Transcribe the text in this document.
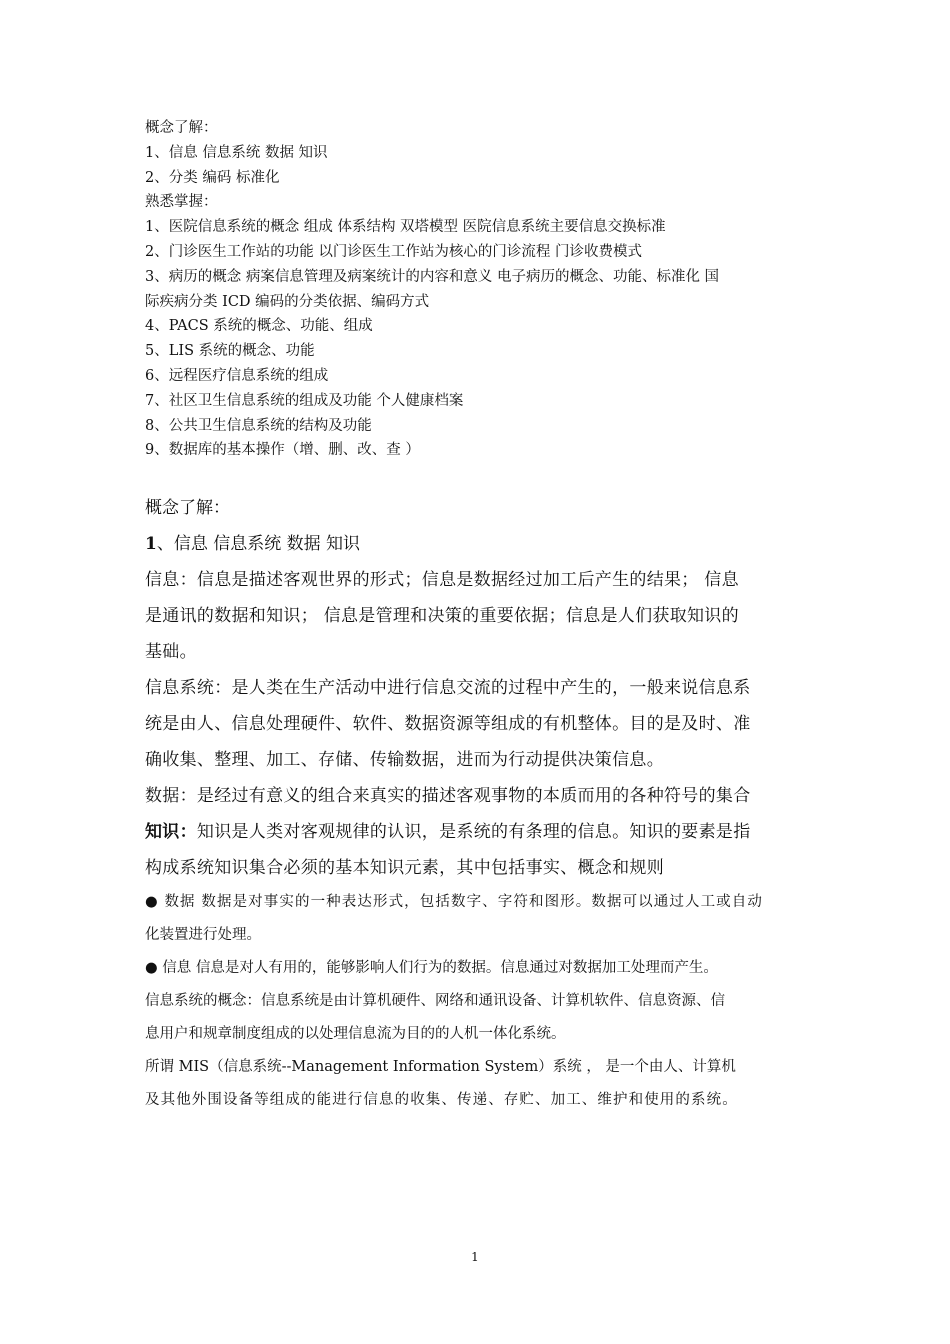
概念了解：
1、信息 信息系统 数据 知识
2、分类 编码 标准化
熟悉掌握：
1、医院信息系统的概念 组成 体系结构 双塔模型 医院信息系统主要信息交换标准
2、门诊医生工作站的功能 以门诊医生工作站为核心的门诊流程 门诊收费模式
3、病历的概念 病案信息管理及病案统计的内容和意义 电子病历的概念、功能、标准化 国
际疾病分类 ICD 编码的分类依据、编码方式
4、PACS 系统的概念、功能、组成
5、LIS 系统的概念、功能
6、远程医疗信息系统的组成
7、社区卫生信息系统的组成及功能 个人健康档案
8、公共卫生信息系统的结构及功能
9、数据库的基本操作（增、删、改、查 ）
概念了解：
1、信息 信息系统 数据 知识
信息：信息是描述客观世界的形式；信息是数据经过加工后产生的结果； 信息
是通讯的数据和知识； 信息是管理和决策的重要依据；信息是人们获取知识的
基础。
信息系统：是人类在生产活动中进行信息交流的过程中产生的，一般来说信息系
统是由人、信息处理硬件、软件、数据资源等组成的有机整体。目的是及时、准
确收集、整理、加工、存储、传输数据，进而为行动提供决策信息。
数据：是经过有意义的组合来真实的描述客观事物的本质而用的各种符号的集合
知识：知识是人类对客观规律的认识，是系统的有条理的信息。知识的要素是指
构成系统知识集合必须的基本知识元素，其中包括事实、概念和规则
● 数据 数据是对事实的一种表达形式，包括数字、字符和图形。数据可以通过人工或自动
化装置进行处理。
● 信息 信息是对人有用的，能够影响人们行为的数据。信息通过对数据加工处理而产生。
信息系统的概念：信息系统是由计算机硬件、网络和通讯设备、计算机软件、信息资源、信
息用户和规章制度组成的以处理信息流为目的的人机一体化系统。
所谓 MIS（信息系统--Management Information System）系统 ， 是一个由人、计算机
及其他外围设备等组成的能进行信息的收集、传递、存贮、加工、维护和使用的系统。
1
